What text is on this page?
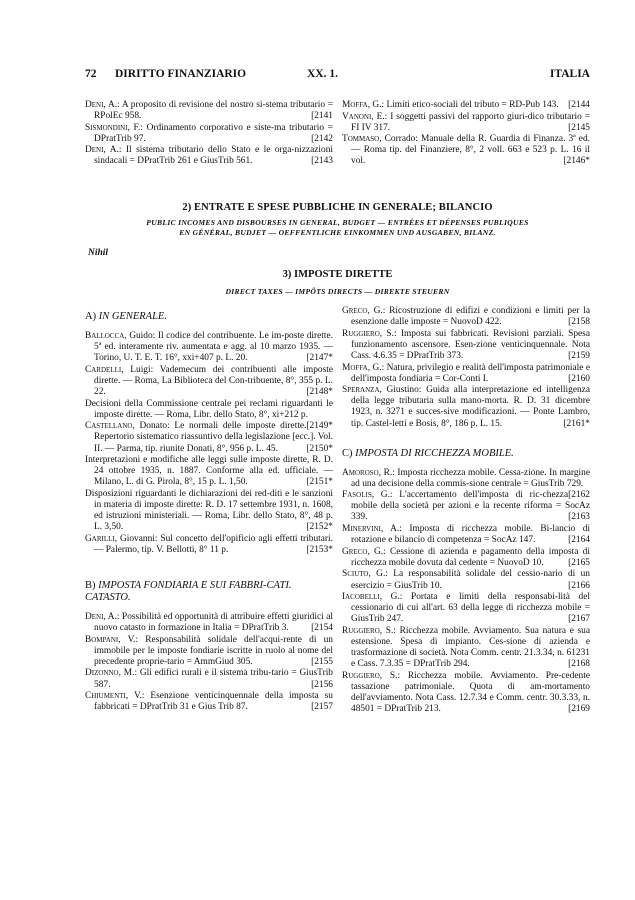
72	DIRITTO FINANZIARIO	XX. 1.	ITALIA

Deni, A.: A proposito di revisione del nostro si-stema tributario = RPolEc 958.	[2141

Sismondini, F.: Ordinamento corporativo e siste-ma tributario = DPratTrib 97.	[2142

Deni, A.: Il sistema tributario dello Stato e le orga-nizzazioni sindacali = DPratTrib 261 e GiusTrib 561.	[2143

Moffa, G.: Limiti etico-sociali del tributo = RD-Pub 143. [2144

Vanoni, E.: I soggetti passivi del rapporto giuri-dico tributario = FI IV 317.	[2145

Tommaso, Corrado: Manuale della R. Guardia di Finanza. 3ª ed. — Roma tip. del Finanziere, 8°, 2 voll. 663 e 523 p. L. 16 il vol.	[2146*

2) ENTRATE E SPESE PUBBLICHE IN GENERALE; BILANCIO
PUBLIC INCOMES AND DISBOURSES IN GENERAL, BUDGET — ENTRÉES ET DÉPENSES PUBLIQUES
EN GÉNÉRAL, BUDJET — OEFFENTLICHE EINKOMMEN UND AUSGABEN, BILANZ.
Nihil
3) IMPOSTE DIRETTE
DIRECT TAXES — IMPÔTS DIRECTS — DIREKTE STEUERN
A) IN GENERALE.

Ballocca, Guido: Il codice del contribuente. Le im-poste dirette. 5ª ed. interamente riv. aumentata e agg. al 10 marzo 1935. — Torino, U. T. E. T. 16°, xxi+407 p. L. 20.	[2147*

Cardelli, Luigi: Vademecum dei contribuenti alle imposte dirette. — Roma, La Biblioteca del Con-tribuente, 8°, 355 p. L. 22.	[2148*

Decisioni della Commissione centrale pei reclami riguardanti le imposte dirette. — Roma, Libr. dello Stato, 8°, xi+212 p.
[2149*

Castellano, Donato: Le normali delle imposte dirette. Repertorio sistematico riassuntivo della legislazione [ecc.]. Vol. II. — Parma, tip. riunite Donati, 8°, 956 p. L. 45.	[2150*

Interpretazioni e modifiche alle leggi sulle imposte dirette, R. D. 24 ottobre 1935, n. 1887. Conforme alla ed. ufficiale. — Milano, L. di G. Pirola, 8°, 15 p. L. 1,50.	[2151*

Disposizioni riguardanti le dichiarazioni dei red-diti e le sanzioni in materia di imposte dirette: R. D. 17 settembre 1931, n. 1608, ed istruzioni ministeriali. — Roma, Libr. dello Stato, 8°, 48 p. L. 3,50.	[2152*

Garilli, Giovanni: Sul concetto dell'opificio agli effetti tributari. — Palermo, tip. V. Bellotti, 8° 11 p.	[2153*

B) IMPOSTA FONDIARIA E SUI FABBRI-CATI. CATASTO.

Deni, A.: Possibilità ed opportunità di attribuire effetti giuridici al nuovo catasto in formazione in Italia = DPratTrib 3. [2154

Bompani, V.: Responsabilità solidale dell'acqui-rente di un immobile per le imposte fondiarie iscritte in ruolo al nome del precedente proprie-tario = AmmGiud 305.	[2155

Dizonno, M.: Gli edifici rurali e il sistema tribu-tario = GiusTrib 587.	[2156

Chiumenti, V.: Esenzione venticinquennale della imposta su fabbricati = DPratTrib 31 e Gius Trib 87.	[2157

Greco, G.: Ricostruzione di edifizi e condizioni e limiti per la esenzione dalle imposte = NuovoD 422.	[2158

Ruggiero, S.: Imposta sui fabbricati. Revisioni parziali. Spesa funzionamento ascensore. Esen-zione venticinquennale. Nota Cass. 4.6.35 = DPratTrib 373.	[2159

Moffa, G.: Natura, privilegio e realità dell'imposta patrimoniale e dell'imposta fondiaria = Cor-Conti I.	[2160

Speranza, Giustino: Guida alla interpretazione ed intelligenza della legge tributaria sulla mano-morta. R. D. 31 dicembre 1923, n. 3271 e succes-sive modificazioni. — Ponte Lambro, tip. Castel-letti e Bosis, 8°, 186 p. L. 15.	[2161*

C) IMPOSTA DI RICCHEZZA MOBILE.

Amoroso, R.: Imposta ricchezza mobile. Cessa-zione. In margine ad una decisione della commis-sione centrale = GiusTrib 729.
[2162

Fasolis, G.: L'accertamento dell'imposta di ric-chezza mobile della società per azioni e la recente riforma = SocAz 339.	[2163

Minervini, A.: Imposta di ricchezza mobile. Bi-lancio di rotazione e bilancio di competenza = SocAz 147.	[2164

Greco, G.: Cessione di azienda e pagamento della imposta di ricchezza mobile dovuta dal cedente = NuovoD 10.	[2165

Sciuto, G.: La responsabilità solidale del cessio-nario di un esercizio = GiusTrib 10.	[2166

Iacobelli, G.: Portata e limiti della responsabi-lità del cessionario di cui all'art. 63 della legge di ricchezza mobile = GiusTrib 247.	[2167

Ruggiero, S.: Ricchezza mobile. Avviamento. Sua natura e sua estensione. Spesa di impianto. Ces-sione di azienda e trasformazione di società. Nota Comm. centr. 21.3.34, n. 61231 e Cass. 7.3.35 = DPratTrib 294.	[2168

Ruggiero, S.: Ricchezza mobile. Avviamento. Pre-cedente tassazione patrimoniale. Quota di am-mortamento dell'avviamento. Nota Cass. 12.7.34 e Comm. centr. 30.3.33, n. 48501 = DPratTrib 213.	[2169
